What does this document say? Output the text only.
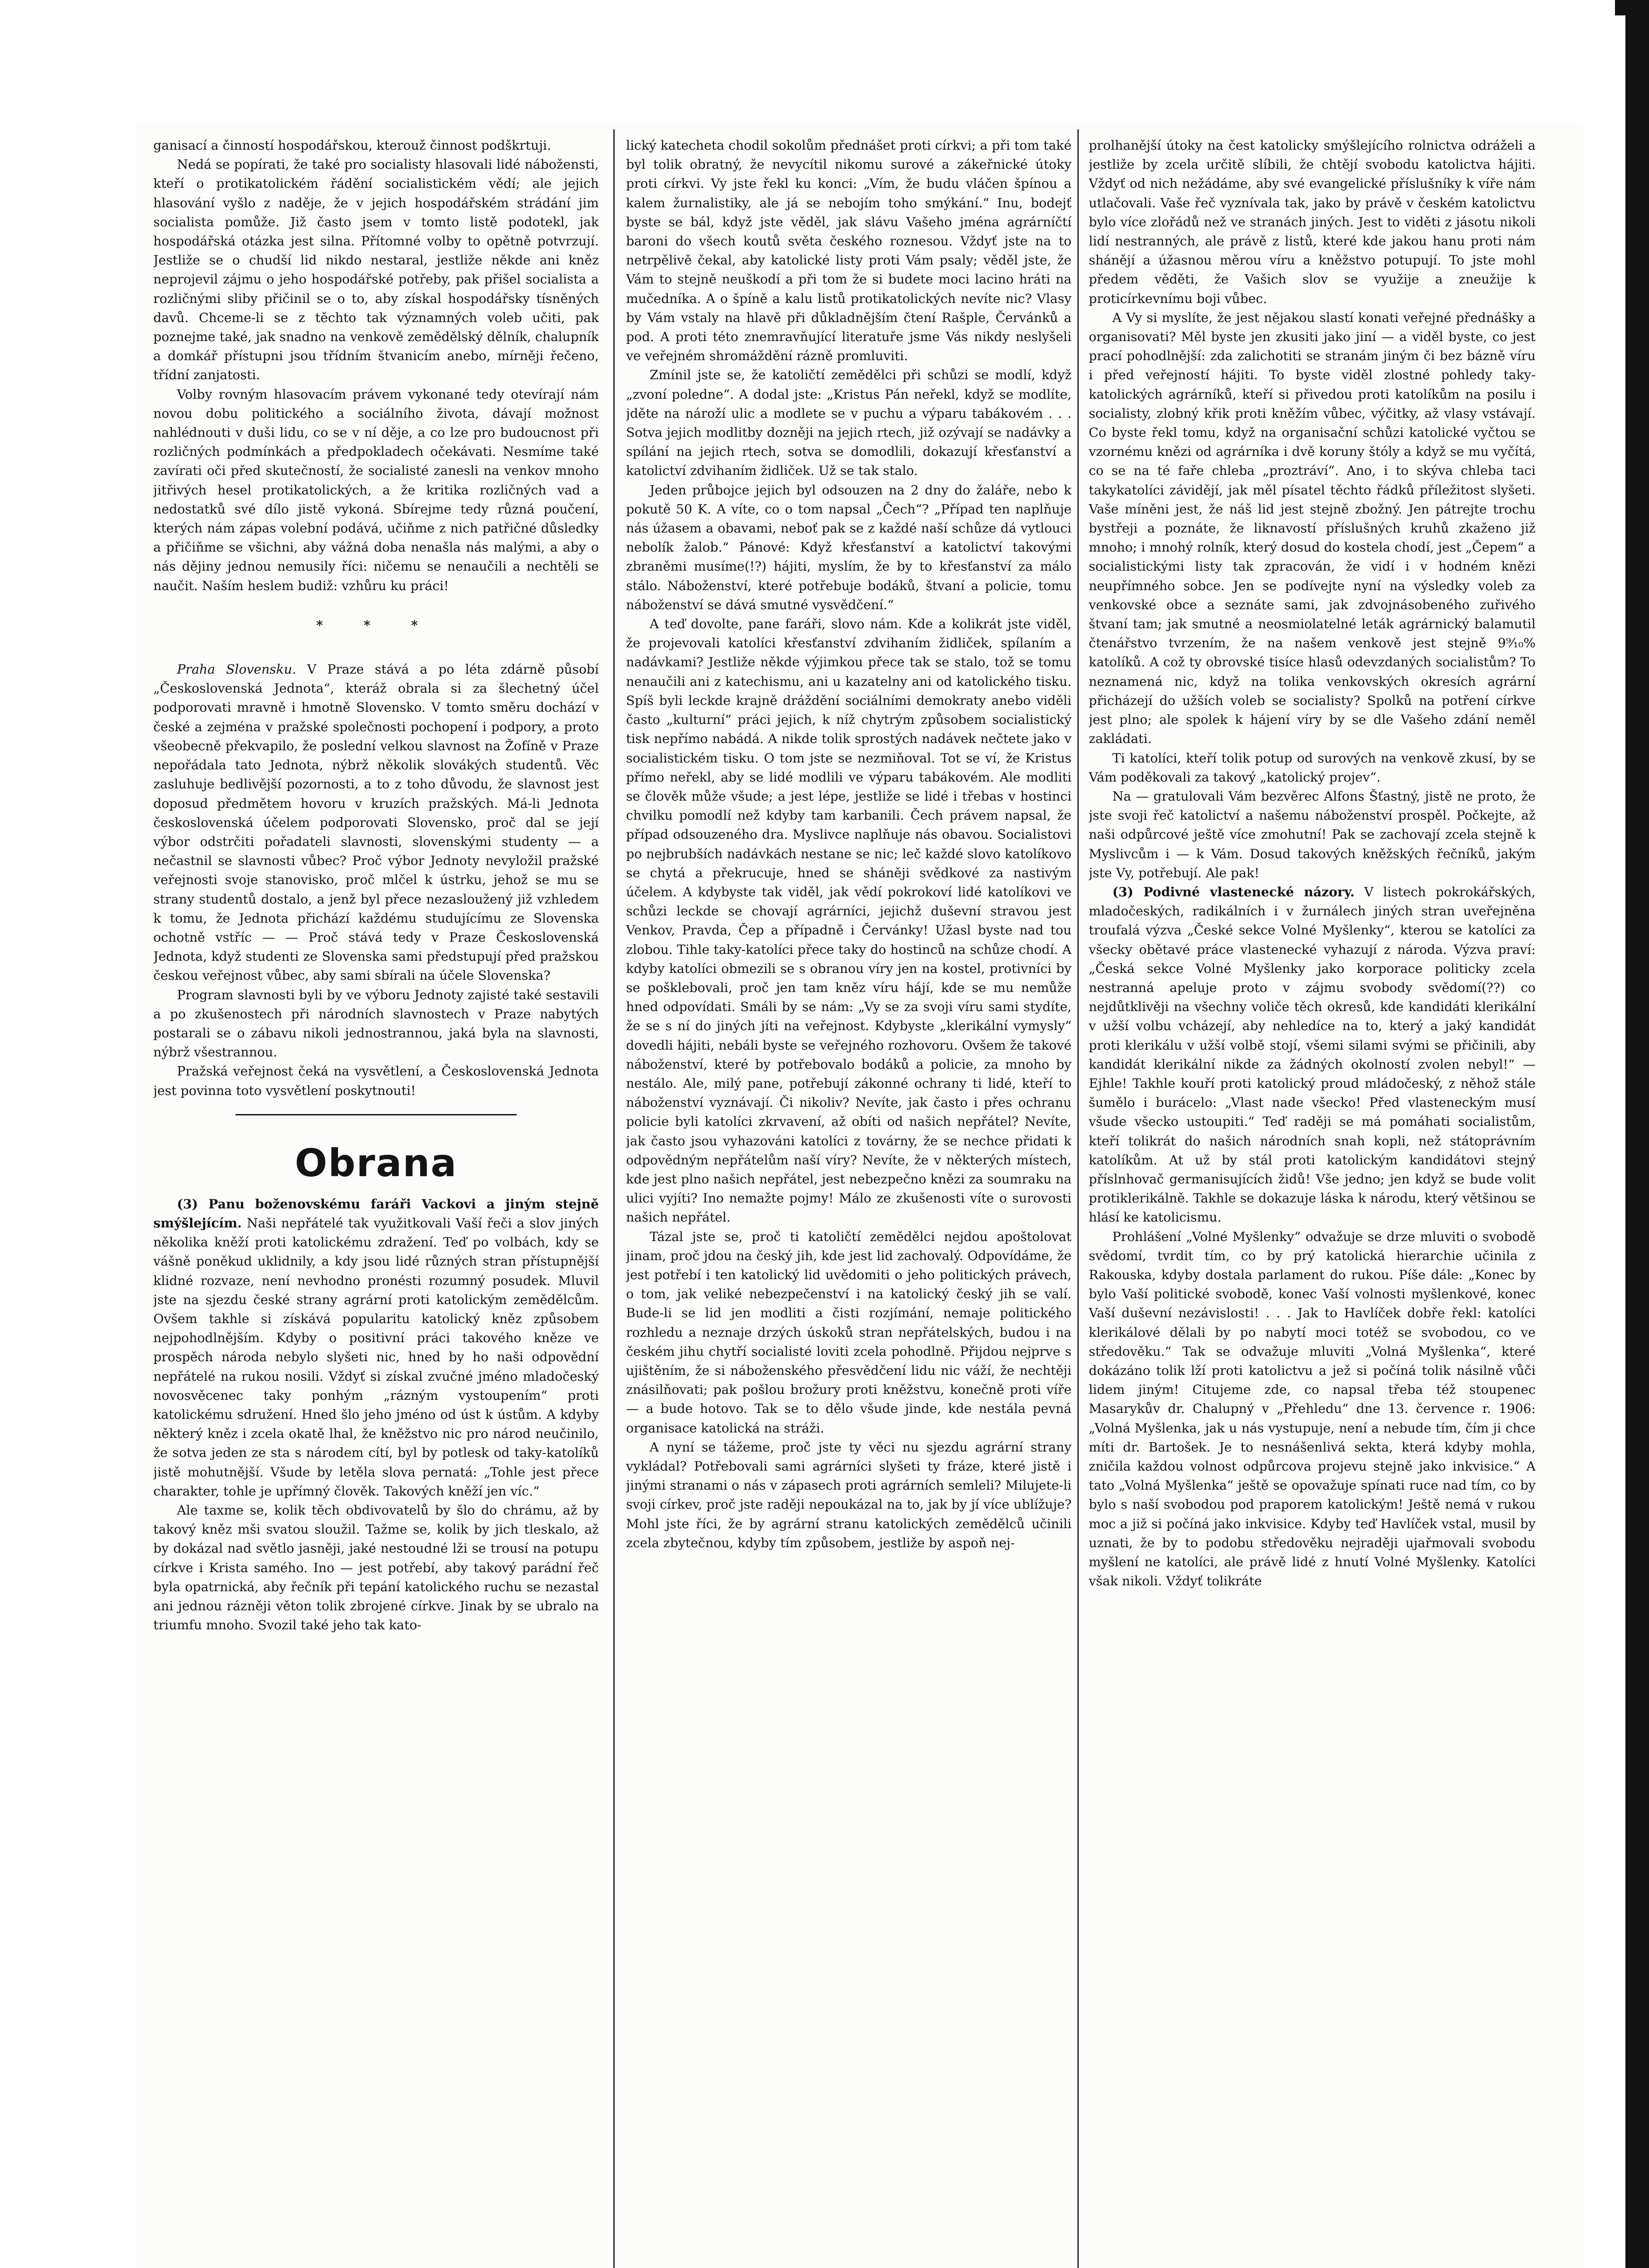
ganisací a činností hospodářskou, kterouž činnost podškrtuji.

Nedá se popírati, že také pro socialisty hlasovali lidé nábožensti, kteří o protikatolickém řádění socialistickém vědí; ale jejich hlasování vyšlo z naděje, že v jejich hospodářském strádání jim socialista pomůže. Již často jsem v tomto listě podotekl, jak hospodářská otázka jest silna. Přítomné volby to opětně potvrzují. Jestliže se o chudší lid nikdo nestaral, jestliže někde ani kněz neprojevil zájmu o jeho hospodářské potřeby, pak přišel socialista a rozličnými sliby přičinil se o to, aby získal hospodářsky tísněných davů. Chceme-li se z těchto tak významných voleb učiti, pak poznejme také, jak snadno na venkově zemědělský dělník, chalupník a domkář přístupni jsou třídním štvanicím anebo, mírněji řečeno, třídní zanjatosti.

Volby rovným hlasovacím právem vykonané tedy otevírají nám novou dobu politického a sociálního života, dávají možnost nahlédnouti v duši lidu, co se v ní děje, a co lze pro budoucnost při rozličných podmínkách a předpokladech očekávati. Nesmíme také zavírati oči před skutečností, že socialisté zanesli na venkov mnoho jitřivých hesel protikatolických, a že kritika rozličných vad a nedostatků své dílo jistě vykoná. Sbírejme tedy různá poučení, kterých nám zápas volební podává, učiňme z nich patřičné důsledky a přičiňme se všichni, aby vážná doba nenašla nás malými, a aby o nás dějiny jednou nemusily říci: ničemu se nenaučili a nechtěli se naučit. Naším heslem budiž: vzhůru ku práci!

* * *

Praha Slovensku. V Praze stává a po léta zdárně působí „Československá Jednota“, kteráž obrala si za šlechetný účel podporovati mravně i hmotně Slovensko. V tomto směru dochází v české a zejména v pražské společnosti pochopení i podpory, a proto všeobecně překvapilo, že poslední velkou slavnost na Žofíně v Praze nepořádala tato Jednota, nýbrž několik slovákých studentů. Věc zasluhuje bedlivější pozornosti, a to z toho důvodu, že slavnost jest doposud předmětem hovoru v kruzích pražských. Má-li Jednota československá účelem podporovati Slovensko, proč dal se její výbor odstrčiti pořadateli slavnosti, slovenskými studenty — a nečastnil se slavnosti vůbec? Proč výbor Jednoty nevyložil pražské veřejnosti svoje stanovisko, proč mlčel k ústrku, jehož se mu se strany studentů dostalo, a jenž byl přece nezasloužený již vzhledem k tomu, že Jednota přichází každému studujícímu ze Slovenska ochotně vstříc — — Proč stává tedy v Praze Československá Jednota, když studenti ze Slovenska sami předstupují před pražskou českou veřejnost vůbec, aby sami sbírali na účele Slovenska?

Program slavnosti byli by ve výboru Jednoty zajisté také sestavili a po zkušenostech při národních slavnostech v Praze nabytých postarali se o zábavu nikoli jednostrannou, jaká byla na slavnosti, nýbrž všestrannou.

Pražská veřejnost čeká na vysvětlení, a Československá Jednota jest povinna toto vysvětlení poskytnouti!

Obrana

(3) Panu boženovskému faráři Vackovi a jiným stejně smýšlejícím. Naši nepřátelé tak využitkovali Vaší řeči a slov jiných několika kněží proti katolickému zdražení. Teď po volbách, kdy se vášně poněkud uklidnily, a kdy jsou lidé různých stran přístupnější klidné rozvaze, není nevhodno pronésti rozumný posudek. Mluvil jste na sjezdu české strany agrární proti katolickým zemědělcům. Ovšem takhle si získává popularitu katolický kněz způsobem nejpohodlnějším. Kdyby o positivní práci takového kněze ve prospěch národa nebylo slyšeti nic, hned by ho naši odpovědní nepřátelé na rukou nosili. Vždyť si získal zvučné jméno mladočeský novosvěcenec taky ponhým „rázným vystoupením“ proti katolickému sdružení. Hned šlo jeho jméno od úst k ústům. A kdyby některý kněz i zcela okatě lhal, že kněžstvo nic pro národ neučinilo, že sotva jeden ze sta s národem cítí, byl by potlesk od taky-katolíků jistě mohutnější. Všude by letěla slova pernatá: „Tohle jest přece charakter, tohle je upřímný člověk. Takových kněží jen víc.“

Ale taxme se, kolik těch obdivovatelů by šlo do chrámu, až by takový kněz mši svatou sloužil. Tažme se, kolik by jich tleskalo, až by dokázal nad světlo jasněji, jaké nestoudné lži se trousí na potupu církve i Krista samého. Ino — jest potřebí, aby takový parádní řeč byla opatrnická, aby řečník při tepání katolického ruchu se nezastal ani jednou rázněji věton tolik zbrojené církve. Jinak by se ubralo na triumfu mnoho. Svozil také jeho tak kato-

lický katecheta chodil sokolům přednášet proti církvi; a při tom také byl tolik obratný, že nevycítil nikomu surové a zákeřnické útoky proti církvi. Vy jste řekl ku konci: „Vím, že budu vláčen špínou a kalem žurnalistiky, ale já se nebojím toho smýkání.“ Inu, bodejť byste se bál, když jste věděl, jak slávu Vašeho jména agrárníčtí baroni do všech koutů světa českého roznesou. Vždyť jste na to netrpělivě čekal, aby katolické listy proti Vám psaly; věděl jste, že Vám to stejně neuškodí a při tom že si budete moci lacino hráti na mučedníka. A o špíně a kalu listů protikatolických nevíte nic? Vlasy by Vám vstaly na hlavě při důkladnějším čtení Rašple, Červánků a pod. A proti této znemravňující literatuře jsme Vás nikdy neslyšeli ve veřejném shromáždění rázně promluviti.

Zmínil jste se, že katoličtí zemědělci při schůzi se modlí, když „zvoní poledne“. A dodal jste: „Kristus Pán neřekl, když se modlíte, jděte na nároží ulic a modlete se v puchu a výparu tabákovém . . . Sotva jejich modlitby dozněji na jejich rtech, již ozývají se nadávky a spílání na jejich rtech, sotva se domodlili, dokazují křesťanství a katolictví zdvihaním židliček. Už se tak stalo.

Jeden průbojce jejich byl odsouzen na 2 dny do žaláře, nebo k pokutě 50 K. A víte, co o tom napsal „Čech“? „Případ ten naplňuje nás úžasem a obavami, neboť pak se z každé naší schůze dá vytlouci nebolík žalob.“ Pánové: Když křesťanství a katolictví takovými zbraněmi musíme(!?) hájiti, myslím, že by to křesťanství za málo stálo. Náboženství, které potřebuje bodáků, štvaní a policie, tomu náboženství se dává smutné vysvědčení.“

A teď dovolte, pane faráři, slovo nám. Kde a kolikrát jste viděl, že projevovali katolíci křesťanství zdvihaním židliček, spílaním a nadávkami? Jestliže někde výjimkou přece tak se stalo, tož se tomu nenaučili ani z katechismu, ani u kazatelny ani od katolického tisku. Spíš byli leckde krajně dráždění sociálními demokraty anebo viděli často „kulturní“ práci jejich, k níž chytrým způsobem socialistický tisk nepřímo nabádá. A nikde tolik sprostých nadávek nečtete jako v socialistickém tisku. O tom jste se nezmiňoval. Tot se ví, že Kristus přímo neřekl, aby se lidé modlili ve výparu tabákovém. Ale modliti se člověk může všude; a jest lépe, jestliže se lidé i třebas v hostinci chvilku pomodlí než kdyby tam karbanili. Čech právem napsal, že případ odsouzeného dra. Myslivce naplňuje nás obavou. Socialistovi po nejbrubších nadávkách nestane se nic; leč každé slovo katolíkovo se chytá a překrucuje, hned se sháněji svědkové za nastivým účelem. A kdybyste tak viděl, jak vědí pokrokoví lidé katolíkovi ve schůzi leckde se chovají agrárníci, jejichž duševní stravou jest Venkov, Pravda, Čep a případně i Červánky! Užasl byste nad tou zlobou. Tihle taky-katolíci přece taky do hostinců na schůze chodí. A kdyby katolíci obmezili se s obranou víry jen na kostel, protivníci by se pošklebovali, proč jen tam kněz víru hájí, kde se mu nemůže hned odpovídati. Smáli by se nám: „Vy se za svoji víru sami stydíte, že se s ní do jiných jíti na veřejnost. Kdybyste „klerikální vymysly“ dovedli hájiti, nebáli byste se veřejného rozhovoru. Ovšem že takové náboženství, které by potřebovalo bodáků a policie, za mnoho by nestálo. Ale, milý pane, potřebují zákonné ochrany ti lidé, kteří to náboženství vyznávají. Či nikoliv? Nevíte, jak často i přes ochranu policie byli katolíci zkrvavení, až obíti od našich nepřátel? Nevíte, jak často jsou vyhazováni katolíci z továrny, že se nechce přidati k odpovědným nepřátelům naší víry? Nevíte, že v některých místech, kde jest plno našich nepřátel, jest nebezpečno knězi za soumraku na ulici vyjíti? Ino nemažte pojmy! Málo ze zkušenosti víte o surovosti našich nepřátel.

Tázal jste se, proč ti katoličtí zemědělci nejdou apoštolovat jinam, proč jdou na český jih, kde jest lid zachovalý. Odpovídáme, že jest potřebí i ten katolický lid uvědomiti o jeho politických právech, o tom, jak veliké nebezpečenství i na katolický český jih se valí. Bude-li se lid jen modliti a čisti rozjímání, nemaje politického rozhledu a neznaje drzých úskoků stran nepřátelských, budou i na českém jihu chytří socialisté loviti zcela pohodlně. Přijdou nejprve s ujištěním, že si náboženského přesvědčení lidu nic váží, že nechtěji znásilňovati; pak pošlou brožury proti kněžstvu, konečně proti víře — a bude hotovo. Tak se to dělo všude jinde, kde nestála pevná organisace katolická na stráži.

A nyní se tážeme, proč jste ty věci nu sjezdu agrární strany vykládal? Potřebovali sami agrárníci slyšeti ty fráze, které jistě i jinými stranami o nás v zápasech proti agrárních semleli? Milujete-li svoji církev, proč jste raději nepoukázal na to, jak by jí více ublížuje? Mohl jste říci, že by agrární stranu katolických zemědělců učinili zcela zbytečnou, kdyby tím způsobem, jestliže by aspoň nej-

prolhanější útoky na čest katolicky smýšlejícího rolnictva odráželi a jestliže by zcela určitě slíbili, že chtějí svobodu katolictva hájiti. Vždyť od nich nežádáme, aby své evangelické příslušníky k víře nám utlačovali. Vaše řeč vyznívala tak, jako by právě v českém katolictvu bylo více zlořádů než ve stranách jiných. Jest to viděti z jásotu nikoli lidí nestranných, ale právě z listů, které kde jakou hanu proti nám shánějí a úžasnou měrou víru a kněžstvo potupují. To jste mohl předem věděti, že Vašich slov se využije a zneužije k proticírkevnímu boji vůbec.

A Vy si myslíte, že jest nějakou slastí konati veřejné přednášky a organisovati? Měl byste jen zkusiti jako jiní — a viděl byste, co jest prací pohodlnější: zda zalichotiti se stranám jiným či bez bázně víru i před veřejností hájiti. To byste viděl zlostné pohledy taky-katolických agrárníků, kteří si přivedou proti katolíkům na posilu i socialisty, zlobný křik proti kněžím vůbec, výčitky, až vlasy vstávají. Co byste řekl tomu, když na organisační schůzi katolické vyčtou se vzornému knězi od agrárníka i dvě koruny štóly a když se mu vyčítá, co se na té faře chleba „proztráví“. Ano, i to skýva chleba taci takykatolíci závidějí, jak měl písatel těchto řádků příležitost slyšeti. Vaše míněni jest, že náš lid jest stejně zbožný. Jen pátrejte trochu bystřeji a poznáte, že liknavostí příslušných kruhů zkaženo již mnoho; i mnohý rolník, který dosud do kostela chodí, jest „Čepem“ a socialistickými listy tak zpracován, že vidí i v hodném knězi neupřímného sobce. Jen se podívejte nyní na výsledky voleb za venkovské obce a seznáte sami, jak zdvojnásobeného zuřivého štvaní tam; jak smutné a neosmiolatelné leták agrárnický balamutil čtenářstvo tvrzením, že na našem venkově jest stejně 9⁹⁄₁₀% katolíků. A což ty obrovské tisíce hlasů odevzdaných socialistům? To neznamená nic, když na tolika venkovských okresích agrární přicházejí do užších voleb se socialisty? Spolků na potření církve jest plno; ale spolek k hájení víry by se dle Vašeho zdání neměl zakládati.

Ti katolíci, kteří tolik potup od surových na venkově zkusí, by se Vám poděkovali za takový „katolický projev“.

Na — gratulovali Vám bezvěrec Alfons Šťastný, jistě ne proto, že jste svoji řeč katolictví a našemu náboženství prospěl. Počkejte, až naši odpůrcové ještě více zmohutní! Pak se zachovají zcela stejně k Myslivcům i — k Vám. Dosud takových kněžských řečníků, jakým jste Vy, potřebují. Ale pak!

(3) Podivné vlastenecké názory. V listech pokrokářských, mladočeských, radikálních i v žurnálech jiných stran uveřejněna troufalá výzva „České sekce Volné Myšlenky“, kterou se katolíci za všecky obětavé práce vlastenecké vyhazují z národa. Výzva praví: „Česká sekce Volné Myšlenky jako korporace politicky zcela nestranná apeluje proto v zájmu svobody svědomí(??) co nejdůtklivěji na všechny voliče těch okresů, kde kandidáti klerikální v užší volbu vcházejí, aby nehledíce na to, který a jaký kandidát proti klerikálu v užší volbě stojí, všemi silami svými se přičinili, aby kandidát klerikální nikde za žádných okolností zvolen nebyl!“ — Ejhle! Takhle kouří proti katolický proud mládočeský, z něhož stále šumělo i burácelo: „Vlast nade všecko! Před vlasteneckým musí všude všecko ustoupiti.“ Teď raději se má pomáhati socialistům, kteří tolikrát do našich národních snah kopli, než státoprávním katolíkům. At už by stál proti katolickým kandidátovi stejný příslnhovač germanisujících židů! Vše jedno; jen když se bude volit protiklerikálně. Takhle se dokazuje láska k národu, který většinou se hlásí ke katolicismu.

Prohlášení „Volné Myšlenky“ odvažuje se drze mluviti o svobodě svědomí, tvrdit tím, co by prý katolická hierarchie učinila z Rakouska, kdyby dostala parlament do rukou. Píše dále: „Konec by bylo Vaší politické svobodě, konec Vaší volnosti myšlenkové, konec Vaší duševní nezávislosti! . . . Jak to Havlíček dobře řekl: katolíci klerikálové dělali by po nabytí moci totéž se svobodou, co ve středověku.“ Tak se odvažuje mluviti „Volná Myšlenka“, které dokázáno tolik lží proti katolictvu a jež si počíná tolik násilně vůči lidem jiným! Citujeme zde, co napsal třeba též stoupenec Masarykův dr. Chalupný v „Přehledu“ dne 13. července r. 1906: „Volná Myšlenka, jak u nás vystupuje, není a nebude tím, čím ji chce míti dr. Bartošek. Je to nesnášenlivá sekta, která kdyby mohla, zničila každou volnost odpůrcova projevu stejně jako inkvisice.“ A tato „Volná Myšlenka“ ještě se opovažuje spínati ruce nad tím, co by bylo s naší svobodou pod praporem katolickým! Ještě nemá v rukou moc a již si počíná jako inkvisice. Kdyby teď Havlíček vstal, musil by uznati, že by to podobu středověku nejraději ujařmovali svobodu myšlení ne katolíci, ale právě lidé z hnutí Volné Myšlenky. Katolíci však nikoli. Vždyť tolikráte
